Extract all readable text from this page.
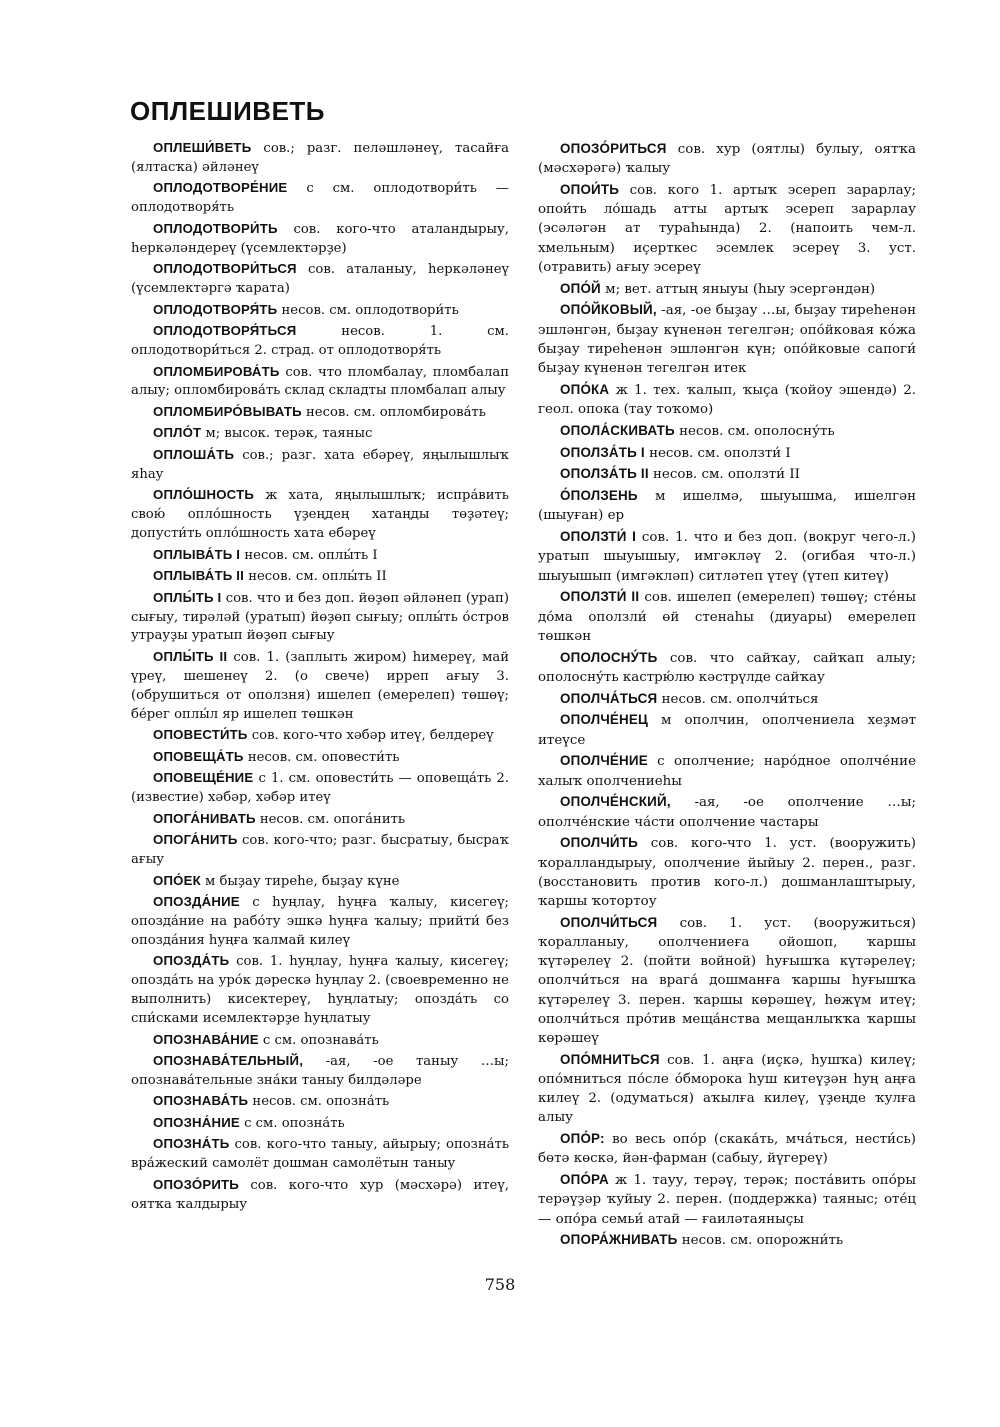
ОПЛЕШИВЕТЬ

ОПЛЕШИ́ВЕТЬ сов.; разг. пеләшләнеү, тасайға (ялтасҡа) әйләнеү

ОПЛОДОТВОРЕ́НИЕ с см. оплодотвори́ть — оплодотворя́ть

ОПЛОДОТВОРИ́ТЬ сов. кого-что аталандырыу, һеркәләндереү (үсемлектәрҙе)

ОПЛОДОТВОРИ́ТЬСЯ сов. аталаныу, һеркәләнеү (үсемлектәргә ҡарата)

ОПЛОДОТВОРЯ́ТЬ несов. см. оплодотвори́ть

ОПЛОДОТВОРЯ́ТЬСЯ несов. 1. см. оплодотвори́ться 2. страд. от оплодотворя́ть

ОПЛОМБИРОВА́ТЬ сов. что пломбалау, пломбалап алыу; опломбирова́ть склад складты пломбалап алыу

ОПЛОМБИРО́ВЫВАТЬ несов. см. опломбирова́ть

ОПЛО́Т м; высок. терәк, таяныс

ОПЛОША́ТЬ сов.; разг. хата ебәреү, яңылышлыҡ яһау

ОПЛО́ШНОСТЬ ж хата, яңылышлыҡ; испра́вить свою́ опло́шность үҙеңдең хатаңды төҙәтеү; допусти́ть опло́шность хата ебәреү

ОПЛЫВА́ТЬ I несов. см. оплы́ть I

ОПЛЫВА́ТЬ II несов. см. оплы́ть II

ОПЛЫ́ТЬ I сов. что и без доп. йөҙөп әйләнеп (урап) сығыу, тирәләй (уратып) йөҙөп сығыу; оплы́ть о́стров утрауҙы уратып йөҙөп сығыу

ОПЛЫ́ТЬ II сов. 1. (заплыть жиром) һимереү, май үреү, шешенеү 2. (о свече) ирреп ағыу 3. (обрушиться от оползня) ишелеп (емерелеп) төшөү; бе́рег оплы́л яр ишелеп төшкән

ОПОВЕСТИ́ТЬ сов. кого-что хәбәр итеү, белдереү

ОПОВЕЩА́ТЬ несов. см. оповести́ть

ОПОВЕЩЕ́НИЕ с 1. см. оповести́ть — оповеща́ть 2. (известие) хәбәр, хәбәр итеү

ОПОГА́НИВАТЬ несов. см. опога́нить

ОПОГА́НИТЬ сов. кого-что; разг. бысратыу, бысраҡ ағыу

ОПО́ЕК м быҙау тиреһе, быҙау күне

ОПОЗДА́НИЕ с һуңлау, һуңға ҡалыу, кисегеү; опозда́ние на рабо́ту эшкә һуңға ҡалыу; прийти́ без опозда́ния һуңға ҡалмай килеү

ОПОЗДА́ТЬ сов. 1. һуңлау, һуңға ҡалыу, кисегеү; опозда́ть на уро́к дәрескә һуңлау 2. (своевременно не выполнить) кисектереү, һуңлатыу; опозда́ть со спи́сками исемлектәрҙе һуңлатыу

ОПОЗНАВА́НИЕ с см. опознава́ть

ОПОЗНАВА́ТЕЛЬНЫЙ, -ая, -ое таныу …ы; опознава́тельные зна́ки таныу билдәләре

ОПОЗНАВА́ТЬ несов. см. опозна́ть

ОПОЗНА́НИЕ с см. опозна́ть

ОПОЗНА́ТЬ сов. кого-что таныу, айырыу; опозна́ть вра́жеский самолёт дошман самолётын таныу

ОПОЗО́РИТЬ сов. кого-что хур (мәсхәрә) итеү, оятҡа ҡалдырыу

ОПОЗО́РИТЬСЯ сов. хур (оятлы) булыу, оятҡа (мәсхәрәгә) ҡалыу

ОПОИ́ТЬ сов. кого 1. артыҡ эсереп зарарлау; опои́ть ло́шадь атты артыҡ эсереп зарарлау (эсәләгән ат тураһында) 2. (напоить чем-л. хмельным) иҫерткес эсемлек эсереү 3. уст. (отравить) ағыу эсереү

ОПО́Й м; вет. аттың яныуы (һыу эсергәндән)

ОПО́ЙКОВЫЙ, -ая, -ое быҙау …ы, быҙау тиреһенән эшләнгән, быҙау күненән тегелгән; опо́йковая ко́жа быҙау тиреһенән эшләнгән күн; опо́йковые сапоги́ быҙау күненән тегелгән итек

ОПО́КА ж 1. тех. ҡалып, ҡыҫа (ҡойоу эшендә) 2. геол. опока (тау тоҡомо)

ОПОЛА́СКИВАТЬ несов. см. ополосну́ть

ОПОЛЗА́ТЬ I несов. см. оползти́ I

ОПОЛЗА́ТЬ II несов. см. оползти́ II

О́ПОЛЗЕНЬ м ишелмә, шыуышма, ишелгән (шыуған) ер

ОПОЛЗТИ́ I сов. 1. что и без доп. (вокруг чего-л.) уратып шыуышыу, имгәкләү 2. (огибая что-л.) шыуышып (имгәкләп) ситләтеп үтеү (үтеп китеү)

ОПОЛЗТИ́ II сов. ишелеп (емерелеп) төшөү; сте́ны до́ма оползли́ өй стенаһы (диуары) емерелеп төшкән

ОПОЛОСНУ́ТЬ сов. что сайҡау, сайҡап алыу; ополосну́ть кастрю́лю кәстрүлде сайҡау

ОПОЛЧА́ТЬСЯ несов. см. ополчи́ться

ОПОЛЧЕ́НЕЦ м ополчин, ополчениела хеҙмәт итеүсе

ОПОЛЧЕ́НИЕ с ополчение; наро́дное ополче́ние халыҡ ополчениеһы

ОПОЛЧЕ́НСКИЙ, -ая, -ое ополчение …ы; ополче́нские ча́сти ополчение частары

ОПОЛЧИ́ТЬ сов. кого-что 1. уст. (вооружить) ҡоралландырыу, ополчение йыйыу 2. перен., разг. (восстановить против кого-л.) дошманлаштырыу, ҡаршы ҡотортоу

ОПОЛЧИ́ТЬСЯ сов. 1. уст. (вооружиться) ҡоралланыу, ополчениеға ойошоп, ҡаршы ҡүтәрелеү 2. (пойти войной) һуғышҡа күтәрелеү; ополчи́ться на врага́ дошманға ҡаршы һуғышҡа күтәрелеү 3. перен. ҡаршы көрәшеү, һөжүм итеү; ополчи́ться про́тив меща́нства мещанлыҡҡа ҡаршы көрәшеү

ОПО́МНИТЬСЯ сов. 1. аңға (иҫкә, һушҡа) килеү; опо́мниться по́сле о́бморока һуш китеүҙән һуң аңға килеү 2. (одуматься) аҡылға килеү, үҙеңде ҡулға алыу

ОПО́Р: во весь опо́р (скака́ть, мча́ться, нести́сь) бөтә көскә, йән-фарман (сабыу, йүгереү)

ОПО́РА ж 1. тауу, терәү, терәк; поста́вить опо́ры терәүҙәр ҡуйыу 2. перен. (поддержка) таяныс; оте́ц — опо́ра семьи́ атай — ғаиләтаяныҫы

ОПОРА́ЖНИВАТЬ несов. см. опорожни́ть

758
